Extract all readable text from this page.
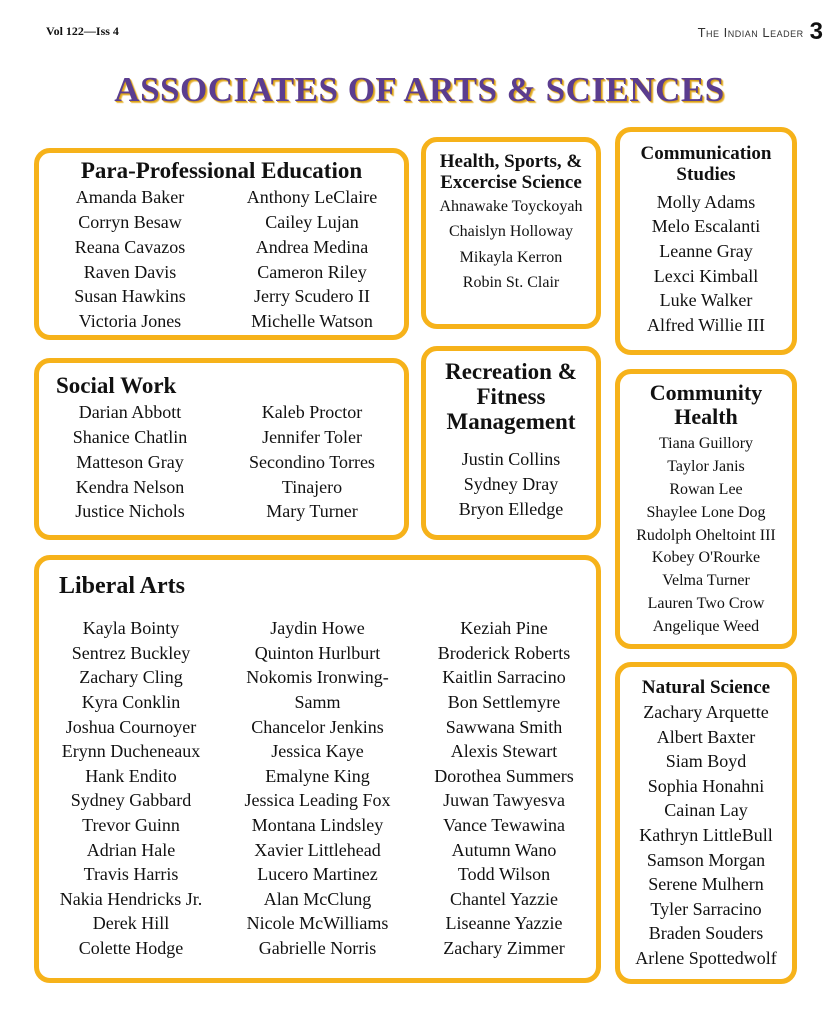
Vol 122—Iss 4	The Indian Leader 3
ASSOCIATES OF ARTS & SCIENCES
Para-Professional Education
Amanda Baker
Corryn Besaw
Reana Cavazos
Raven Davis
Susan Hawkins
Victoria Jones
Anthony LeClaire
Cailey Lujan
Andrea Medina
Cameron Riley
Jerry Scudero II
Michelle Watson
Health, Sports, & Excercise Science
Ahnawake Toyckoyah
Chaislyn Holloway
Mikayla Kerron
Robin St. Clair
Communication Studies
Molly Adams
Melo Escalanti
Leanne Gray
Lexci Kimball
Luke Walker
Alfred Willie III
Social Work
Darian Abbott
Shanice Chatlin
Matteson Gray
Kendra Nelson
Justice Nichols
Kaleb Proctor
Jennifer Toler
Secondino Torres
Tinajero
Mary Turner
Recreation & Fitness Management
Justin Collins
Sydney Dray
Bryon Elledge
Community Health
Tiana Guillory
Taylor Janis
Rowan Lee
Shaylee Lone Dog
Rudolph Oheltoint III
Kobey O'Rourke
Velma Turner
Lauren Two Crow
Angelique Weed
Liberal Arts
Kayla Bointy
Sentrez Buckley
Zachary Cling
Kyra Conklin
Joshua Cournoyer
Erynn Ducheneaux
Hank Endito
Sydney Gabbard
Trevor Guinn
Adrian Hale
Travis Harris
Nakia Hendricks Jr.
Derek Hill
Colette Hodge
Jaydin Howe
Quinton Hurlburt
Nokomis Ironwing-Samm
Chancelor Jenkins
Jessica Kaye
Emalyne King
Jessica Leading Fox
Montana Lindsley
Xavier Littlehead
Lucero Martinez
Alan McClung
Nicole McWilliams
Gabrielle Norris
Keziah Pine
Broderick Roberts
Kaitlin Sarracino
Bon Settlemyre
Sawwana Smith
Alexis Stewart
Dorothea Summers
Juwan Tawyesva
Vance Tewawina
Autumn Wano
Todd Wilson
Chantel Yazzie
Liseanne Yazzie
Zachary Zimmer
Natural Science
Zachary Arquette
Albert Baxter
Siam Boyd
Sophia Honahni
Cainan Lay
Kathryn LittleBull
Samson Morgan
Serene Mulhern
Tyler Sarracino
Braden Souders
Arlene Spottedwolf
